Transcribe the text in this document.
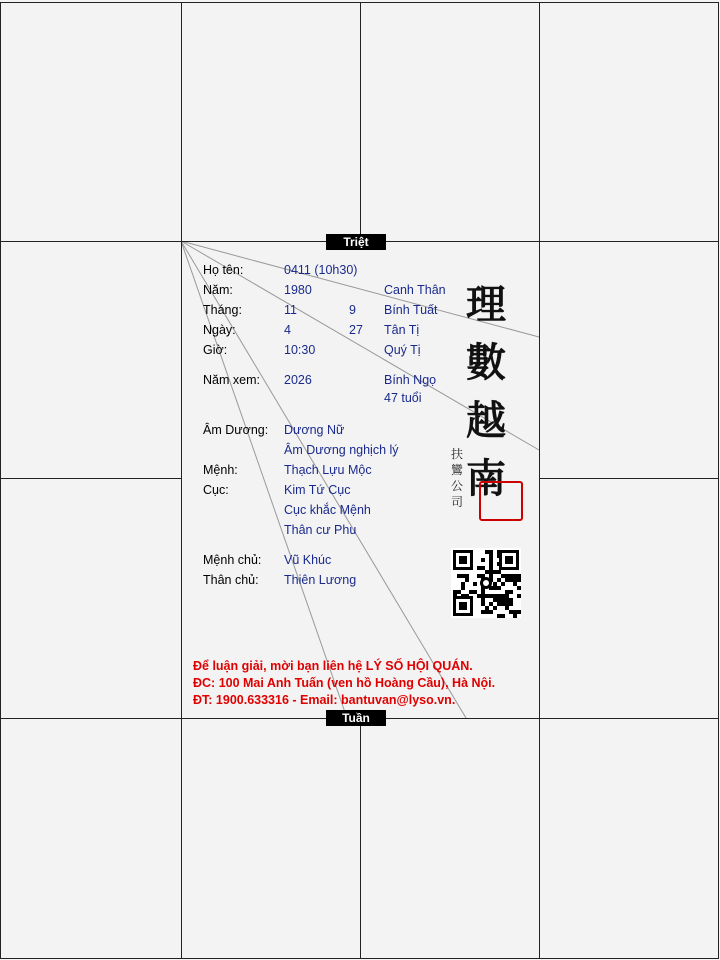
Họ tên:	0411 (10h30)
Năm:	1980	Canh Thân
Tháng:	11	9 Bính Tuất
Ngày:	4	27 Tân Tị
Giờ:	10:30	Quý Tị
Năm xem: 2026	Bính Ngọ
47 tuổi
Âm Dương: Dương Nữ
Âm Dương nghịch lý
Mệnh:	Thạch Lựu Mộc
Cục:	Kim Tứ Cục
Cục khắc Mệnh
Thân cư Phu
Mệnh chủ: Vũ Khúc
Thân chủ: Thiên Lương
理
數
越
南
扶鸞公司
Để luận giải, mời bạn liên hệ LÝ SỐ HỘI QUÁN.
ĐC: 100 Mai Anh Tuấn (ven hồ Hoàng Cầu), Hà Nội.
ĐT: 1900.633316 - Email: bantuvan@lyso.vn.
Triệt
Tuần
